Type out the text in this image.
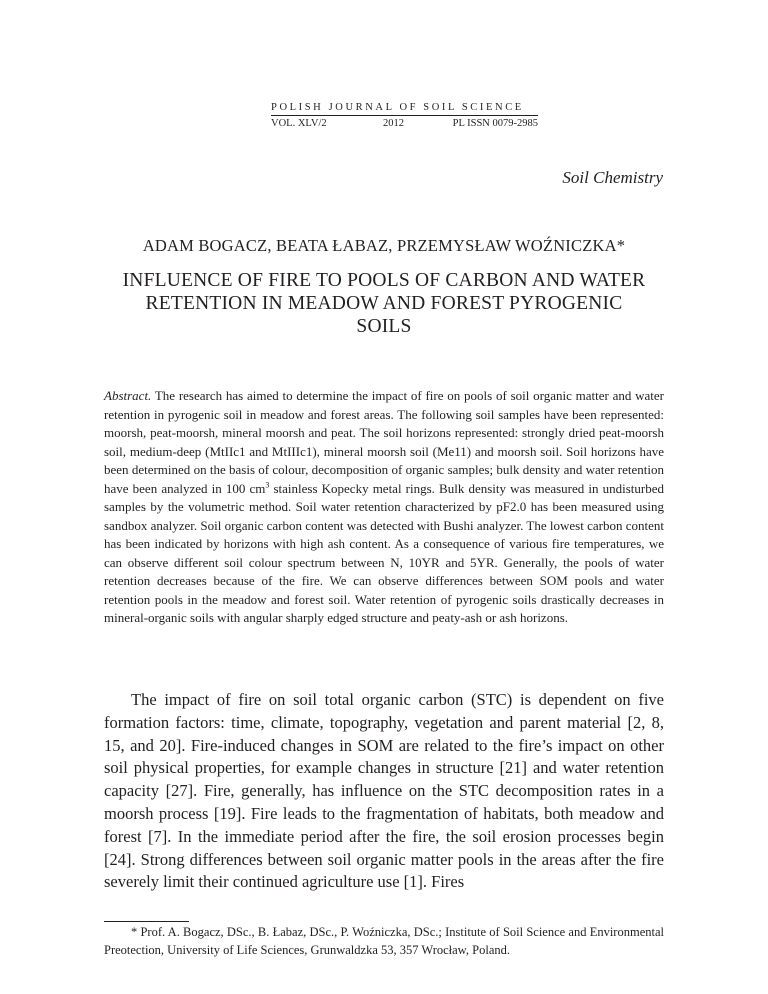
POLISH JOURNAL OF SOIL SCIENCE
VOL. XLV/2	2012	PL ISSN 0079-2985
Soil Chemistry
ADAM BOGACZ, BEATA ŁABAZ, PRZEMYSŁAW WOŹNICZKA*
INFLUENCE OF FIRE TO POOLS OF CARBON AND WATER
RETENTION IN MEADOW AND FOREST PYROGENIC SOILS

Abstract. The research has aimed to determine the impact of fire on pools of soil organic matter and water retention in pyrogenic soil in meadow and forest areas. The following soil samples have been represented: moorsh, peat-moorsh, mineral moorsh and peat. The soil horizons represented: strongly dried peat-moorsh soil, medium-deep (MtIIc1 and MtIIIc1), mineral moorsh soil (Me11) and moorsh soil. Soil horizons have been determined on the basis of colour, decomposition of organic samples; bulk density and water retention have been analyzed in 100 $cm^3$ stainless Kopecky metal rings. Bulk density was measured in undisturbed samples by the volumetric method. Soil water retention characterized by pF2.0 has been measured using sandbox analyzer. Soil organic carbon content was detected with Bushi analyzer. The lowest carbon content has been indicated by horizons with high ash content. As a consequence of various fire temperatures, we can observe different soil colour spectrum between N, 10YR and 5YR. Generally, the pools of water retention decreases because of the fire. We can observe differences between SOM pools and water retention pools in the meadow and forest soil. Water retention of pyrogenic soils drastically decreases in mineral-organic soils with angular sharply edged structure and peaty-ash or ash horizons.

The impact of fire on soil total organic carbon (STC) is dependent on five formation factors: time, climate, topography, vegetation and parent material [2, 8, 15, and 20]. Fire-induced changes in SOM are related to the fire’s impact on other soil physical properties, for example changes in structure [21] and water retention capacity [27]. Fire, generally, has influence on the STC decomposition rates in a moorsh process [19]. Fire leads to the fragmentation of habitats, both meadow and forest [7]. In the immediate period after the fire, the soil erosion processes begin [24]. Strong differences between soil organic matter pools in the areas after the fire severely limit their continued agriculture use [1]. Fires

* Prof. A. Bogacz, DSc., B. Łabaz, DSc., P. Woźniczka, DSc.; Institute of Soil Science and Environmental Preotection, University of Life Sciences, Grunwaldzka 53, 357 Wrocław, Poland.
